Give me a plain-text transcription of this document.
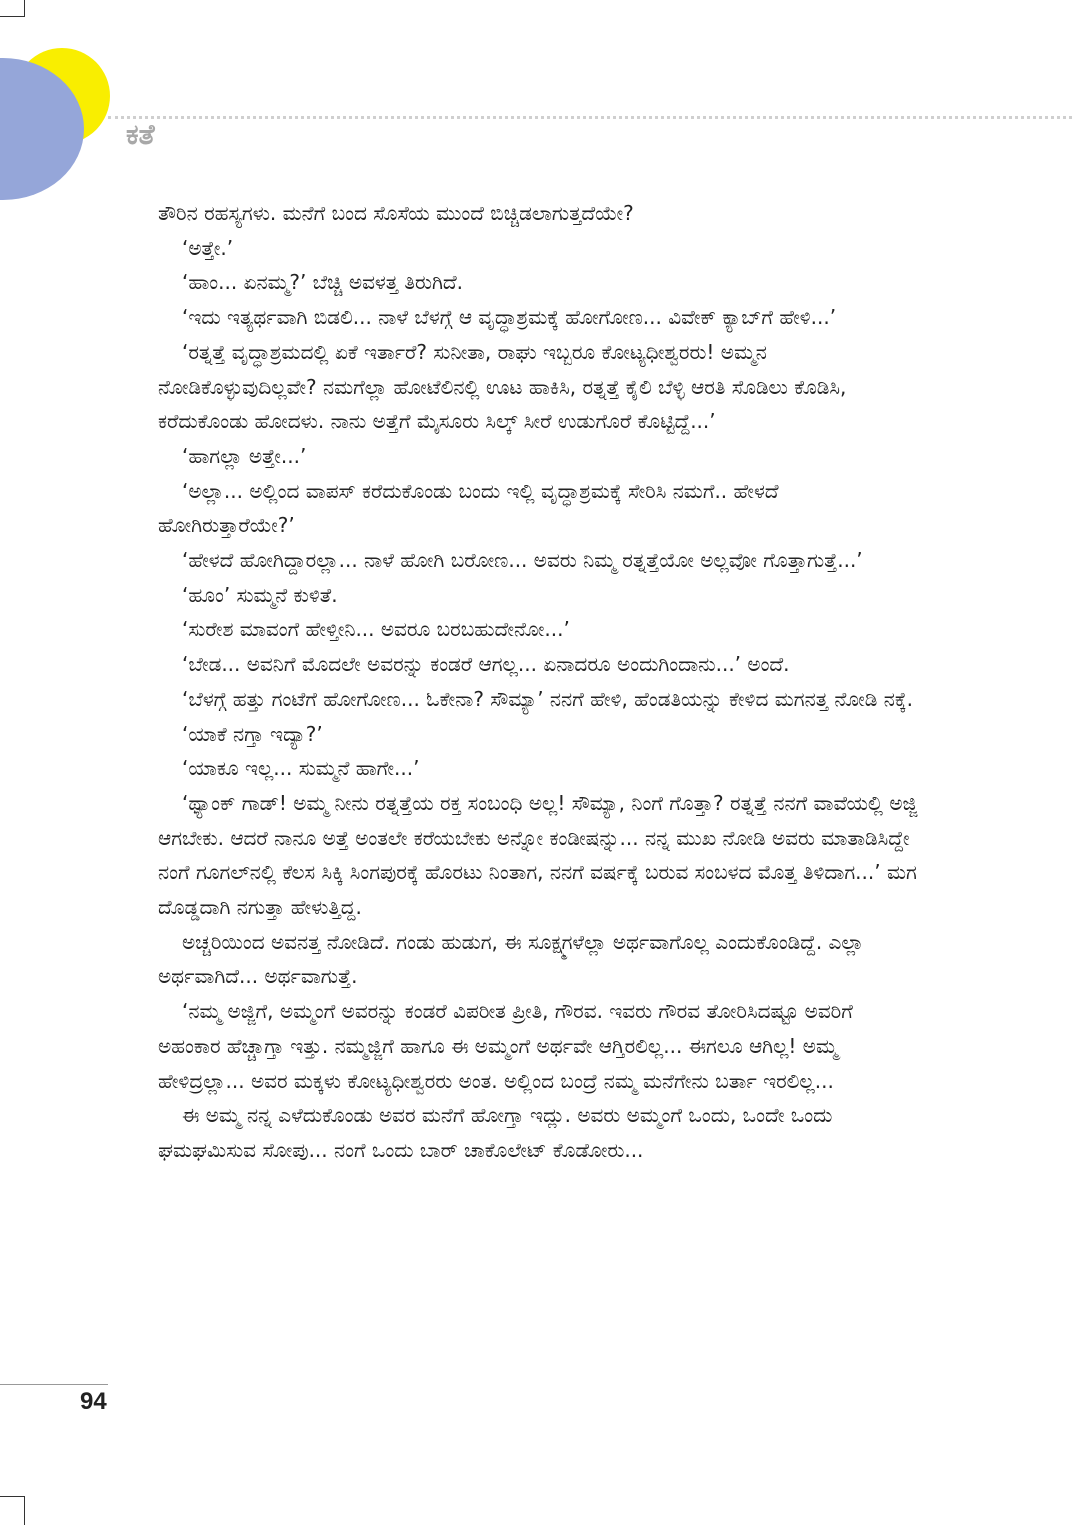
ಕತೆ

ತೌರಿನ ರಹಸ್ಯಗಳು. ಮನೆಗೆ ಬಂದ ಸೊಸೆಯ ಮುಂದೆ ಬಿಚ್ಚಿಡಲಾಗುತ್ತದೆಯೇ?

‘ಅತ್ತೇ.’

‘ಹಾಂ... ಏನಮ್ಮ?’ ಬೆಚ್ಚಿ ಅವಳತ್ತ ತಿರುಗಿದೆ.

‘ಇದು ಇತ್ಯರ್ಥವಾಗಿ ಬಿಡಲಿ... ನಾಳೆ ಬೆಳಗ್ಗೆ ಆ ವೃದ್ಧಾಶ್ರಮಕ್ಕೆ ಹೋಗೋಣ... ವಿವೇಕ್ ಕ್ಯಾಬ್‌ಗೆ ಹೇಳಿ...’

‘ರತ್ನತ್ತೆ ವೃದ್ಧಾಶ್ರಮದಲ್ಲಿ ಏಕೆ ಇರ್ತಾರೆ? ಸುನೀತಾ, ರಾಘು ಇಬ್ಬರೂ ಕೋಟ್ಯಧೀಶ್ವರರು! ಅಮ್ಮನ ನೋಡಿಕೊಳ್ಳುವುದಿಲ್ಲವೇ? ನಮಗೆಲ್ಲಾ ಹೋಟೆಲಿನಲ್ಲಿ ಊಟ ಹಾಕಿಸಿ, ರತ್ನತ್ತೆ ಕೈಲಿ ಬೆಳ್ಳಿ ಆರತಿ ಸೊಡಿಲು ಕೊಡಿಸಿ, ಕರೆದುಕೊಂಡು ಹೋದಳು. ನಾನು ಅತ್ತೆಗೆ ಮೈಸೂರು ಸಿಲ್ಕ್ ಸೀರೆ ಉಡುಗೊರೆ ಕೊಟ್ಟಿದ್ದೆ...’

‘ಹಾಗಲ್ಲಾ ಅತ್ತೇ...’

‘ಅಲ್ಲಾ... ಅಲ್ಲಿಂದ ವಾಪಸ್ ಕರೆದುಕೊಂಡು ಬಂದು ಇಲ್ಲಿ ವೃದ್ಧಾಶ್ರಮಕ್ಕೆ ಸೇರಿಸಿ ನಮಗೆ.. ಹೇಳದೆ ಹೋಗಿರುತ್ತಾರೆಯೇ?’

‘ಹೇಳದೆ ಹೋಗಿದ್ದಾರಲ್ಲಾ... ನಾಳೆ ಹೋಗಿ ಬರೋಣ... ಅವರು ನಿಮ್ಮ ರತ್ನತ್ತೆಯೋ ಅಲ್ಲವೋ ಗೊತ್ತಾಗುತ್ತೆ...’

‘ಹೂಂ’ ಸುಮ್ಮನೆ ಕುಳಿತೆ.

‘ಸುರೇಶ ಮಾವಂಗೆ ಹೇಳ್ತೀನಿ... ಅವರೂ ಬರಬಹುದೇನೋ...’

‘ಬೇಡ... ಅವನಿಗೆ ಮೊದಲೇ ಅವರನ್ನು ಕಂಡರೆ ಆಗಲ್ಲ... ಏನಾದರೂ ಅಂದುಗಿಂದಾನು...’ ಅಂದೆ.

‘ಬೆಳಗ್ಗೆ ಹತ್ತು ಗಂಟೆಗೆ ಹೋಗೋಣ... ಓಕೇನಾ? ಸೌಮ್ಯಾ’ ನನಗೆ ಹೇಳಿ, ಹೆಂಡತಿಯನ್ನು ಕೇಳಿದ ಮಗನತ್ತ ನೋಡಿ ನಕ್ಕೆ.

‘ಯಾಕೆ ನಗ್ತಾ ಇದ್ಯಾ?’

‘ಯಾಕೂ ಇಲ್ಲ... ಸುಮ್ಮನೆ ಹಾಗೇ...’

‘ಥ್ಯಾಂಕ್ ಗಾಡ್! ಅಮ್ಮ ನೀನು ರತ್ನತ್ತೆಯ ರಕ್ತ ಸಂಬಂಧಿ ಅಲ್ಲ! ಸೌಮ್ಯಾ, ನಿಂಗೆ ಗೊತ್ತಾ? ರತ್ನತ್ತೆ ನನಗೆ ವಾವೆಯಲ್ಲಿ ಅಜ್ಜಿ ಆಗಬೇಕು. ಆದರೆ ನಾನೂ ಅತ್ತೆ ಅಂತಲೇ ಕರೆಯಬೇಕು ಅನ್ನೋ ಕಂಡೀಷನ್ನು... ನನ್ನ ಮುಖ ನೋಡಿ ಅವರು ಮಾತಾಡಿಸಿದ್ದೇ ನಂಗೆ ಗೂಗಲ್‌ನಲ್ಲಿ ಕೆಲಸ ಸಿಕ್ಕಿ ಸಿಂಗಪುರಕ್ಕೆ ಹೊರಟು ನಿಂತಾಗ, ನನಗೆ ವರ್ಷಕ್ಕೆ ಬರುವ ಸಂಬಳದ ಮೊತ್ತ ತಿಳಿದಾಗ...’ ಮಗ ದೊಡ್ಡದಾಗಿ ನಗುತ್ತಾ ಹೇಳುತ್ತಿದ್ದ.

ಅಚ್ಚರಿಯಿಂದ ಅವನತ್ತ ನೋಡಿದೆ. ಗಂಡು ಹುಡುಗ, ಈ ಸೂಕ್ಷ್ಮಗಳೆಲ್ಲಾ ಅರ್ಥವಾಗೊಲ್ಲ ಎಂದುಕೊಂಡಿದ್ದೆ. ಎಲ್ಲಾ ಅರ್ಥವಾಗಿದೆ... ಅರ್ಥವಾಗುತ್ತೆ.

‘ನಮ್ಮ ಅಜ್ಜಿಗೆ, ಅಮ್ಮಂಗೆ ಅವರನ್ನು ಕಂಡರೆ ವಿಪರೀತ ಪ್ರೀತಿ, ಗೌರವ. ಇವರು ಗೌರವ ತೋರಿಸಿದಷ್ಟೂ ಅವರಿಗೆ ಅಹಂಕಾರ ಹೆಚ್ಚಾಗ್ತಾ ಇತ್ತು. ನಮ್ಮಜ್ಜಿಗೆ ಹಾಗೂ ಈ ಅಮ್ಮಂಗೆ ಅರ್ಥವೇ ಆಗ್ತಿರಲಿಲ್ಲ... ಈಗಲೂ ಆಗಿಲ್ಲ! ಅಮ್ಮ ಹೇಳಿದ್ರಲ್ಲಾ... ಅವರ ಮಕ್ಕಳು ಕೋಟ್ಯಧೀಶ್ವರರು ಅಂತ. ಅಲ್ಲಿಂದ ಬಂದ್ರೆ ನಮ್ಮ ಮನೆಗೇನು ಬರ್ತಾ ಇರಲಿಲ್ಲ...

ಈ ಅಮ್ಮ ನನ್ನ ಎಳೆದುಕೊಂಡು ಅವರ ಮನೆಗೆ ಹೋಗ್ತಾ ಇದ್ಲು. ಅವರು ಅಮ್ಮಂಗೆ ಒಂದು, ಒಂದೇ ಒಂದು ಘಮಘಮಿಸುವ ಸೋಪು... ನಂಗೆ ಒಂದು ಬಾರ್ ಚಾಕೊಲೇಟ್ ಕೊಡೋರು...

94
